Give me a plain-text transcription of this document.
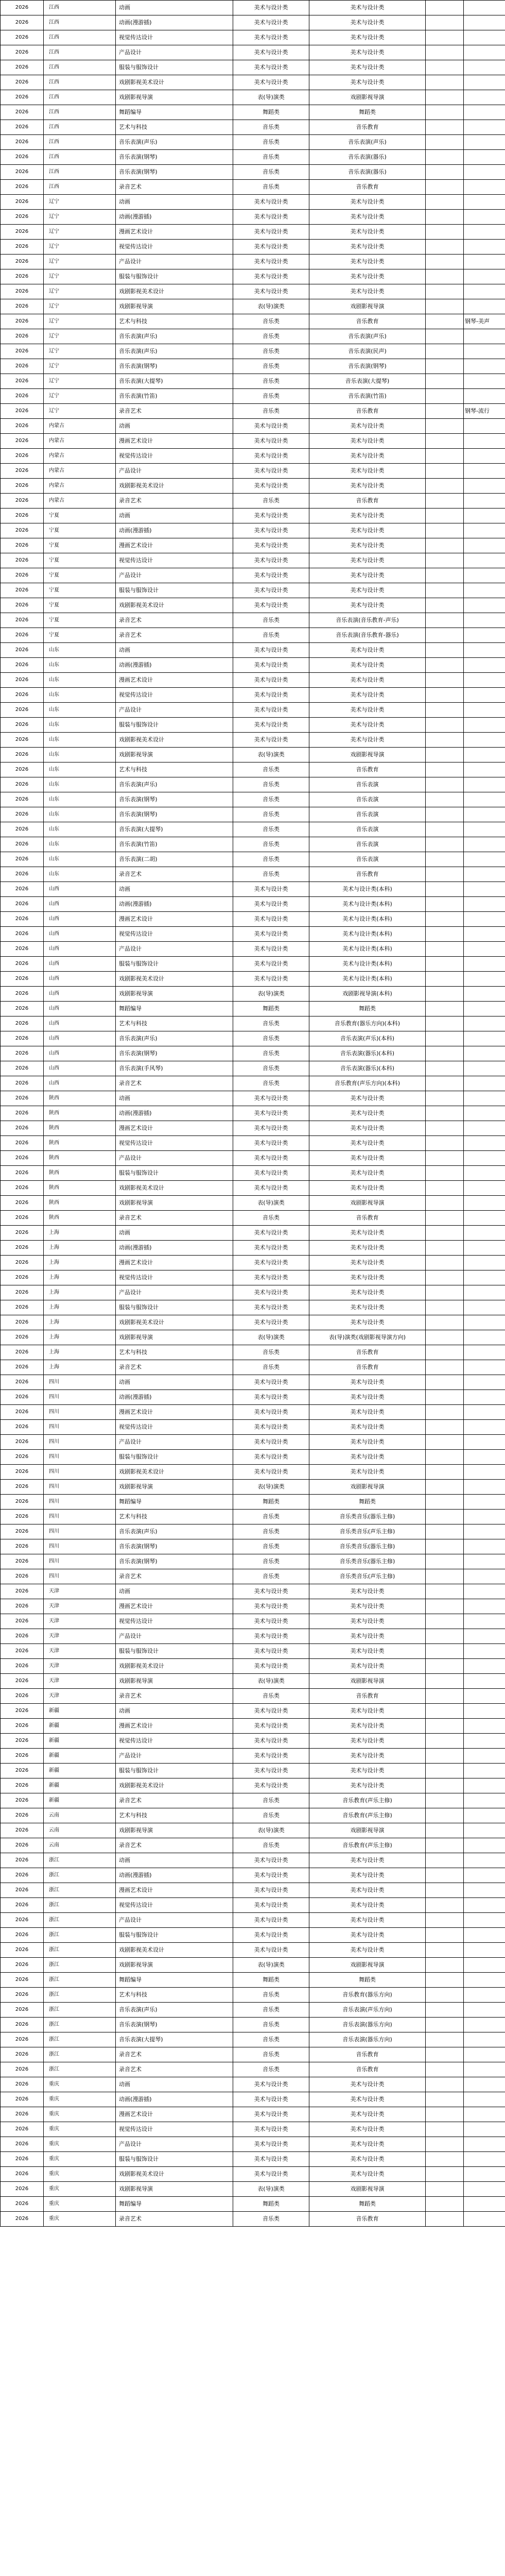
2026	江西	动画	美术与设计类	美术与设计类		
2026	江西	动画(漫游插)	美术与设计类	美术与设计类		
2026	江西	视觉传达设计	美术与设计类	美术与设计类		
2026	江西	产品设计	美术与设计类	美术与设计类		
2026	江西	服装与服饰设计	美术与设计类	美术与设计类		
2026	江西	戏剧影视美术设计	美术与设计类	美术与设计类		
2026	江西	戏剧影视导演	表(导)演类	戏剧影视导演		
2026	江西	舞蹈编导	舞蹈类	舞蹈类		
2026	江西	艺术与科技	音乐类	音乐教育		
2026	江西	音乐表演(声乐)	音乐类	音乐表演(声乐)		
2026	江西	音乐表演(钢琴)	音乐类	音乐表演(器乐)		
2026	江西	音乐表演(钢琴)	音乐类	音乐表演(器乐)		
2026	江西	录音艺术	音乐类	音乐教育		
2026	辽宁	动画	美术与设计类	美术与设计类		
2026	辽宁	动画(漫游插)	美术与设计类	美术与设计类		
2026	辽宁	漫画艺术设计	美术与设计类	美术与设计类		
2026	辽宁	视觉传达设计	美术与设计类	美术与设计类		
2026	辽宁	产品设计	美术与设计类	美术与设计类		
2026	辽宁	服装与服饰设计	美术与设计类	美术与设计类		
2026	辽宁	戏剧影视美术设计	美术与设计类	美术与设计类		
2026	辽宁	戏剧影视导演	表(导)演类	戏剧影视导演		
2026	辽宁	艺术与科技	音乐类	音乐教育		钢琴-美声
2026	辽宁	音乐表演(声乐)	音乐类	音乐表演(声乐)		
2026	辽宁	音乐表演(声乐)	音乐类	音乐表演(民声)		
2026	辽宁	音乐表演(钢琴)	音乐类	音乐表演(钢琴)		
2026	辽宁	音乐表演(大提琴)	音乐类	音乐表演(大提琴)		
2026	辽宁	音乐表演(竹笛)	音乐类	音乐表演(竹笛)		
2026	辽宁	录音艺术	音乐类	音乐教育		钢琴-流行
2026	内蒙古	动画	美术与设计类	美术与设计类		
2026	内蒙古	漫画艺术设计	美术与设计类	美术与设计类		
2026	内蒙古	视觉传达设计	美术与设计类	美术与设计类		
2026	内蒙古	产品设计	美术与设计类	美术与设计类		
2026	内蒙古	戏剧影视美术设计	美术与设计类	美术与设计类		
2026	内蒙古	录音艺术	音乐类	音乐教育		
2026	宁夏	动画	美术与设计类	美术与设计类		
2026	宁夏	动画(漫游插)	美术与设计类	美术与设计类		
2026	宁夏	漫画艺术设计	美术与设计类	美术与设计类		
2026	宁夏	视觉传达设计	美术与设计类	美术与设计类		
2026	宁夏	产品设计	美术与设计类	美术与设计类		
2026	宁夏	服装与服饰设计	美术与设计类	美术与设计类		
2026	宁夏	戏剧影视美术设计	美术与设计类	美术与设计类		
2026	宁夏	录音艺术	音乐类	音乐表演(音乐教育-声乐)		
2026	宁夏	录音艺术	音乐类	音乐表演(音乐教育-器乐)		
2026	山东	动画	美术与设计类	美术与设计类		
2026	山东	动画(漫游插)	美术与设计类	美术与设计类		
2026	山东	漫画艺术设计	美术与设计类	美术与设计类		
2026	山东	视觉传达设计	美术与设计类	美术与设计类		
2026	山东	产品设计	美术与设计类	美术与设计类		
2026	山东	服装与服饰设计	美术与设计类	美术与设计类		
2026	山东	戏剧影视美术设计	美术与设计类	美术与设计类		
2026	山东	戏剧影视导演	表(导)演类	戏剧影视导演		
2026	山东	艺术与科技	音乐类	音乐教育		
2026	山东	音乐表演(声乐)	音乐类	音乐表演		
2026	山东	音乐表演(钢琴)	音乐类	音乐表演		
2026	山东	音乐表演(钢琴)	音乐类	音乐表演		
2026	山东	音乐表演(大提琴)	音乐类	音乐表演		
2026	山东	音乐表演(竹笛)	音乐类	音乐表演		
2026	山东	音乐表演(二胡)	音乐类	音乐表演		
2026	山东	录音艺术	音乐类	音乐教育		
2026	山西	动画	美术与设计类	美术与设计类(本科)		
2026	山西	动画(漫游插)	美术与设计类	美术与设计类(本科)		
2026	山西	漫画艺术设计	美术与设计类	美术与设计类(本科)		
2026	山西	视觉传达设计	美术与设计类	美术与设计类(本科)		
2026	山西	产品设计	美术与设计类	美术与设计类(本科)		
2026	山西	服装与服饰设计	美术与设计类	美术与设计类(本科)		
2026	山西	戏剧影视美术设计	美术与设计类	美术与设计类(本科)		
2026	山西	戏剧影视导演	表(导)演类	戏剧影视导演(本科)		
2026	山西	舞蹈编导	舞蹈类	舞蹈类		
2026	山西	艺术与科技	音乐类	音乐教育(器乐方向)(本科)		
2026	山西	音乐表演(声乐)	音乐类	音乐表演(声乐)(本科)		
2026	山西	音乐表演(钢琴)	音乐类	音乐表演(器乐)(本科)		
2026	山西	音乐表演(手风琴)	音乐类	音乐表演(器乐)(本科)		
2026	山西	录音艺术	音乐类	音乐教育(声乐方向)(本科)		
2026	陕西	动画	美术与设计类	美术与设计类		
2026	陕西	动画(漫游插)	美术与设计类	美术与设计类		
2026	陕西	漫画艺术设计	美术与设计类	美术与设计类		
2026	陕西	视觉传达设计	美术与设计类	美术与设计类		
2026	陕西	产品设计	美术与设计类	美术与设计类		
2026	陕西	服装与服饰设计	美术与设计类	美术与设计类		
2026	陕西	戏剧影视美术设计	美术与设计类	美术与设计类		
2026	陕西	戏剧影视导演	表(导)演类	戏剧影视导演		
2026	陕西	录音艺术	音乐类	音乐教育		
2026	上海	动画	美术与设计类	美术与设计类		
2026	上海	动画(漫游插)	美术与设计类	美术与设计类		
2026	上海	漫画艺术设计	美术与设计类	美术与设计类		
2026	上海	视觉传达设计	美术与设计类	美术与设计类		
2026	上海	产品设计	美术与设计类	美术与设计类		
2026	上海	服装与服饰设计	美术与设计类	美术与设计类		
2026	上海	戏剧影视美术设计	美术与设计类	美术与设计类		
2026	上海	戏剧影视导演	表(导)演类	表(导)演类(戏剧影视导演方向)		
2026	上海	艺术与科技	音乐类	音乐教育		
2026	上海	录音艺术	音乐类	音乐教育		
2026	四川	动画	美术与设计类	美术与设计类		
2026	四川	动画(漫游插)	美术与设计类	美术与设计类		
2026	四川	漫画艺术设计	美术与设计类	美术与设计类		
2026	四川	视觉传达设计	美术与设计类	美术与设计类		
2026	四川	产品设计	美术与设计类	美术与设计类		
2026	四川	服装与服饰设计	美术与设计类	美术与设计类		
2026	四川	戏剧影视美术设计	美术与设计类	美术与设计类		
2026	四川	戏剧影视导演	表(导)演类	戏剧影视导演		
2026	四川	舞蹈编导	舞蹈类	舞蹈类		
2026	四川	艺术与科技	音乐类	音乐类音乐(器乐主修)		
2026	四川	音乐表演(声乐)	音乐类	音乐类音乐(声乐主修)		
2026	四川	音乐表演(钢琴)	音乐类	音乐类音乐(器乐主修)		
2026	四川	音乐表演(钢琴)	音乐类	音乐类音乐(器乐主修)		
2026	四川	录音艺术	音乐类	音乐类音乐(声乐主修)		
2026	天津	动画	美术与设计类	美术与设计类		
2026	天津	漫画艺术设计	美术与设计类	美术与设计类		
2026	天津	视觉传达设计	美术与设计类	美术与设计类		
2026	天津	产品设计	美术与设计类	美术与设计类		
2026	天津	服装与服饰设计	美术与设计类	美术与设计类		
2026	天津	戏剧影视美术设计	美术与设计类	美术与设计类		
2026	天津	戏剧影视导演	表(导)演类	戏剧影视导演		
2026	天津	录音艺术	音乐类	音乐教育		
2026	新疆	动画	美术与设计类	美术与设计类		
2026	新疆	漫画艺术设计	美术与设计类	美术与设计类		
2026	新疆	视觉传达设计	美术与设计类	美术与设计类		
2026	新疆	产品设计	美术与设计类	美术与设计类		
2026	新疆	服装与服饰设计	美术与设计类	美术与设计类		
2026	新疆	戏剧影视美术设计	美术与设计类	美术与设计类		
2026	新疆	录音艺术	音乐类	音乐教育(声乐主修)		
2026	云南	艺术与科技	音乐类	音乐教育(声乐主修)		
2026	云南	戏剧影视导演	表(导)演类	戏剧影视导演		
2026	云南	录音艺术	音乐类	音乐教育(声乐主修)		
2026	浙江	动画	美术与设计类	美术与设计类		
2026	浙江	动画(漫游插)	美术与设计类	美术与设计类		
2026	浙江	漫画艺术设计	美术与设计类	美术与设计类		
2026	浙江	视觉传达设计	美术与设计类	美术与设计类		
2026	浙江	产品设计	美术与设计类	美术与设计类		
2026	浙江	服装与服饰设计	美术与设计类	美术与设计类		
2026	浙江	戏剧影视美术设计	美术与设计类	美术与设计类		
2026	浙江	戏剧影视导演	表(导)演类	戏剧影视导演		
2026	浙江	舞蹈编导	舞蹈类	舞蹈类		
2026	浙江	艺术与科技	音乐类	音乐教育(器乐方向)		
2026	浙江	音乐表演(声乐)	音乐类	音乐表演(声乐方向)		
2026	浙江	音乐表演(钢琴)	音乐类	音乐表演(器乐方向)		
2026	浙江	音乐表演(大提琴)	音乐类	音乐表演(器乐方向)		
2026	浙江	录音艺术	音乐类	音乐教育		
2026	浙江	录音艺术	音乐类	音乐教育		
2026	重庆	动画	美术与设计类	美术与设计类		
2026	重庆	动画(漫游插)	美术与设计类	美术与设计类		
2026	重庆	漫画艺术设计	美术与设计类	美术与设计类		
2026	重庆	视觉传达设计	美术与设计类	美术与设计类		
2026	重庆	产品设计	美术与设计类	美术与设计类		
2026	重庆	服装与服饰设计	美术与设计类	美术与设计类		
2026	重庆	戏剧影视美术设计	美术与设计类	美术与设计类		
2026	重庆	戏剧影视导演	表(导)演类	戏剧影视导演		
2026	重庆	舞蹈编导	舞蹈类	舞蹈类		
2026	重庆	录音艺术	音乐类	音乐教育		
